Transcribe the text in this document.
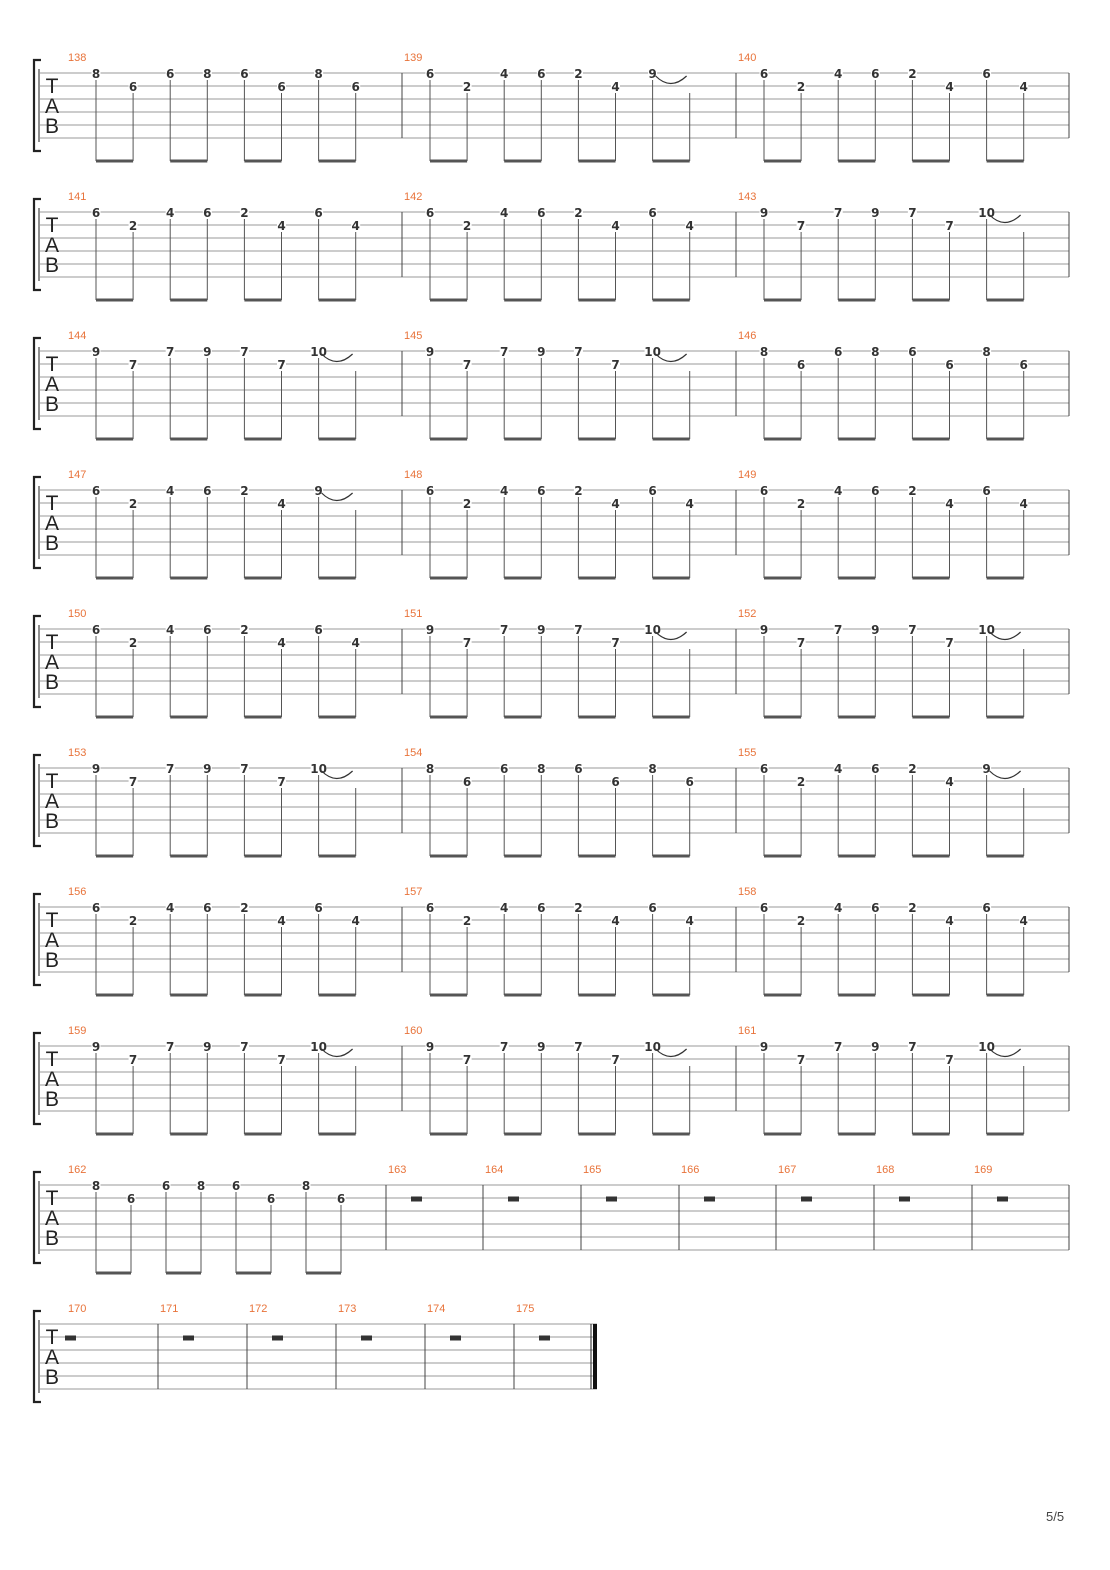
T
A
B
138
8
6
6 8 6
6
8
6
139
6
2
4 6 2
4
9
140
6
2
4 6 2
4
6
4
T
A
B
141
6
2
4 6 2
4
6
4
142
6
2
4 6 2
4
6
4
143
9
7
7 9 7
7
10
T
A
B
144
9
7
7 9 7
7
10
145
9
7
7 9 7
7
10
146
8
6
6 8 6
6
8
6
T
A
B
147
6
2
4 6 2
4
9
148
6
2
4 6 2
4
6
4
149
6
2
4 6 2
4
6
4
T
A
B
150
6
2
4 6 2
4
6
4
151
9
7
7 9 7
7
10
152
9
7
7 9 7
7
10
T
A
B
153
9
7
7 9 7
7
10
154
8
6
6 8 6
6
8
6
155
6
2
4 6 2
4
9
T
A
B
156
6
2
4 6 2
4
6
4
157
6
2
4 6 2
4
6
4
158
6
2
4 6 2
4
6
4
T
A
B
159
9
7
7 9 7
7
10
160
9
7
7 9 7
7
10
161
9
7
7 9 7
7
10
T
A
B
162
8
6
6 8 6
6
8
6
163	164	165	166	167	168	169
T
A
B
170	171	172	173	174	175
5/5
